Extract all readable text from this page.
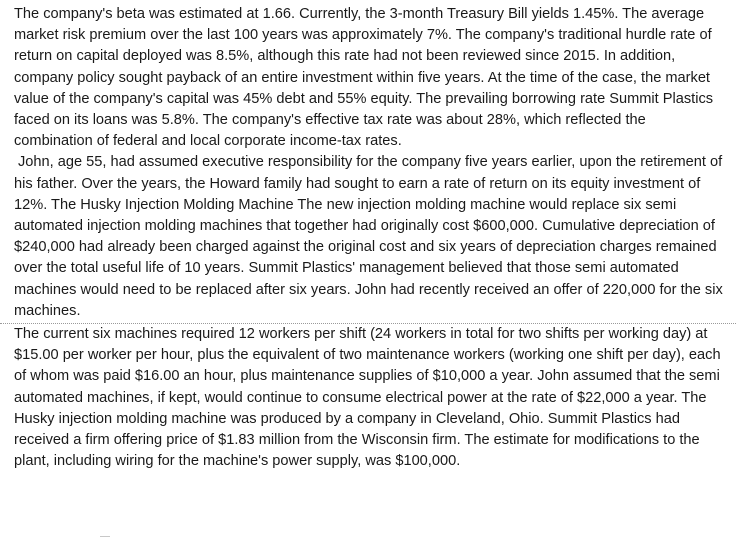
The company's beta was estimated at 1.66. Currently, the 3-month Treasury Bill yields 1.45%. The average market risk premium over the last 100 years was approximately 7%. The company's traditional hurdle rate of return on capital deployed was 8.5%, although this rate had not been reviewed since 2015. In addition, company policy sought payback of an entire investment within five years. At the time of the case, the market value of the company's capital was 45% debt and 55% equity. The prevailing borrowing rate Summit Plastics faced on its loans was 5.8%. The company's effective tax rate was about 28%, which reflected the combination of federal and local corporate income-tax rates.

John, age 55, had assumed executive responsibility for the company five years earlier, upon the retirement of his father. Over the years, the Howard family had sought to earn a rate of return on its equity investment of 12%. The Husky Injection Molding Machine The new injection molding machine would replace six semi automated injection molding machines that together had originally cost $600,000. Cumulative depreciation of $240,000 had already been charged against the original cost and six years of depreciation charges remained over the total useful life of 10 years. Summit Plastics' management believed that those semi automated machines would need to be replaced after six years. John had recently received an offer of 220,000 for the six machines.

The current six machines required 12 workers per shift (24 workers in total for two shifts per working day) at $15.00 per worker per hour, plus the equivalent of two maintenance workers (working one shift per day), each of whom was paid $16.00 an hour, plus maintenance supplies of $10,000 a year. John assumed that the semi automated machines, if kept, would continue to consume electrical power at the rate of $22,000 a year. The Husky injection molding machine was produced by a company in Cleveland, Ohio. Summit Plastics had received a firm offering price of $1.83 million from the Wisconsin firm. The estimate for modifications to the plant, including wiring for the machine's power supply, was $100,000.
